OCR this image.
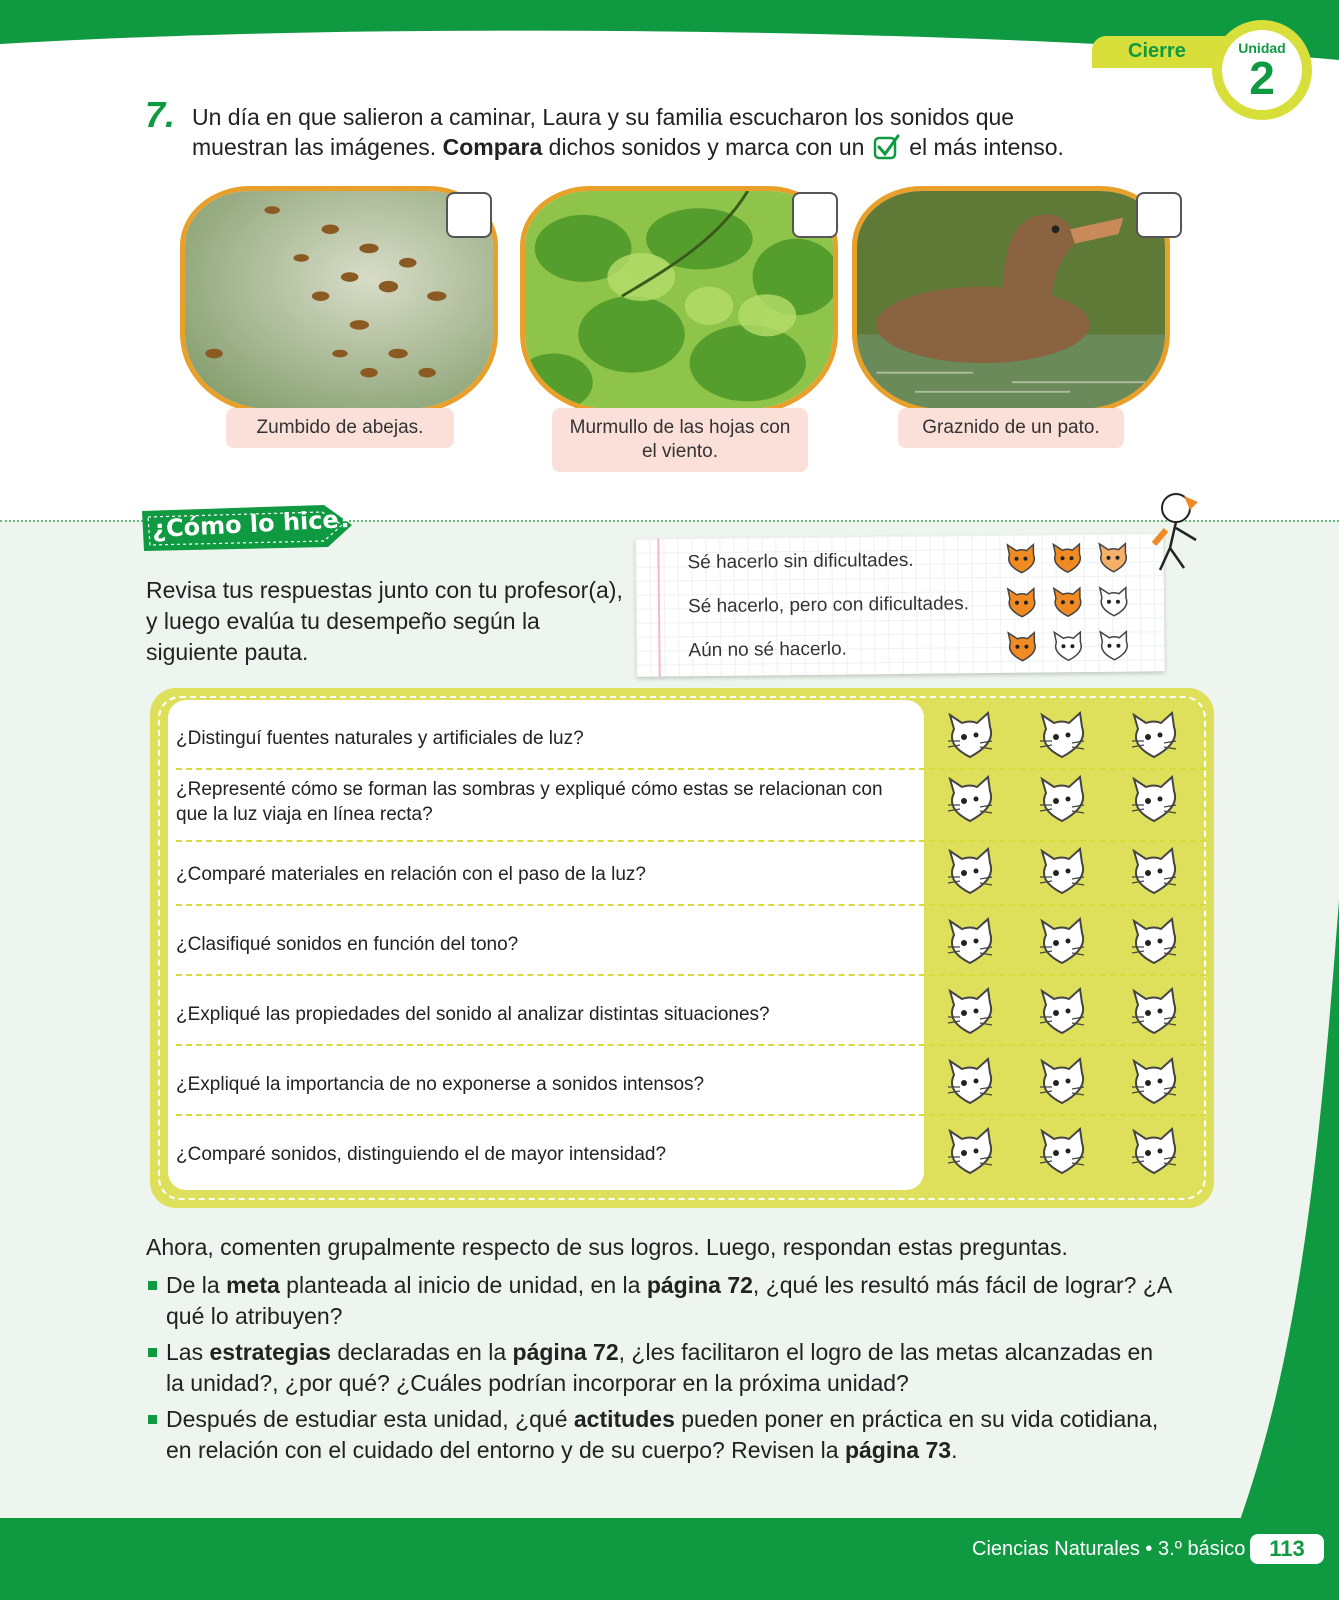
Cierre	Unidad
2
7. Un día en que salieron a caminar, Laura y su familia escucharon los sonidos que muestran las imágenes. Compara dichos sonidos y marca con un  el más intenso.
Zumbido de abejas.	Murmullo de las hojas con el viento.
Graznido de un pato.
¿Cómo lo hice?
Revisa tus respuestas junto con tu profesor(a), y luego evalúa tu desempeño según la siguiente pauta.
Sé hacerlo sin dificultades.
Sé hacerlo, pero con dificultades.
Aún no sé hacerlo.
¿Distinguí fuentes naturales y artificiales de luz?
¿Representé cómo se forman las sombras y expliqué cómo estas se relacionan con que la luz viaja en línea recta?
¿Comparé materiales en relación con el paso de la luz?
¿Clasifiqué sonidos en función del tono?
¿Expliqué las propiedades del sonido al analizar distintas situaciones?
¿Expliqué la importancia de no exponerse a sonidos intensos?
¿Comparé sonidos, distinguiendo el de mayor intensidad?
Ahora, comenten grupalmente respecto de sus logros. Luego, respondan estas preguntas.
De la meta planteada al inicio de unidad, en la página 72, ¿qué les resultó más fácil de lograr? ¿A qué lo atribuyen?
Las estrategias declaradas en la página 72, ¿les facilitaron el logro de las metas alcanzadas en la unidad?, ¿por qué? ¿Cuáles podrían incorporar en la próxima unidad?
Después de estudiar esta unidad, ¿qué actitudes pueden poner en práctica en su vida cotidiana, en relación con el cuidado del entorno y de su cuerpo? Revisen la página 73.
Ciencias Naturales • 3.º básico	113
